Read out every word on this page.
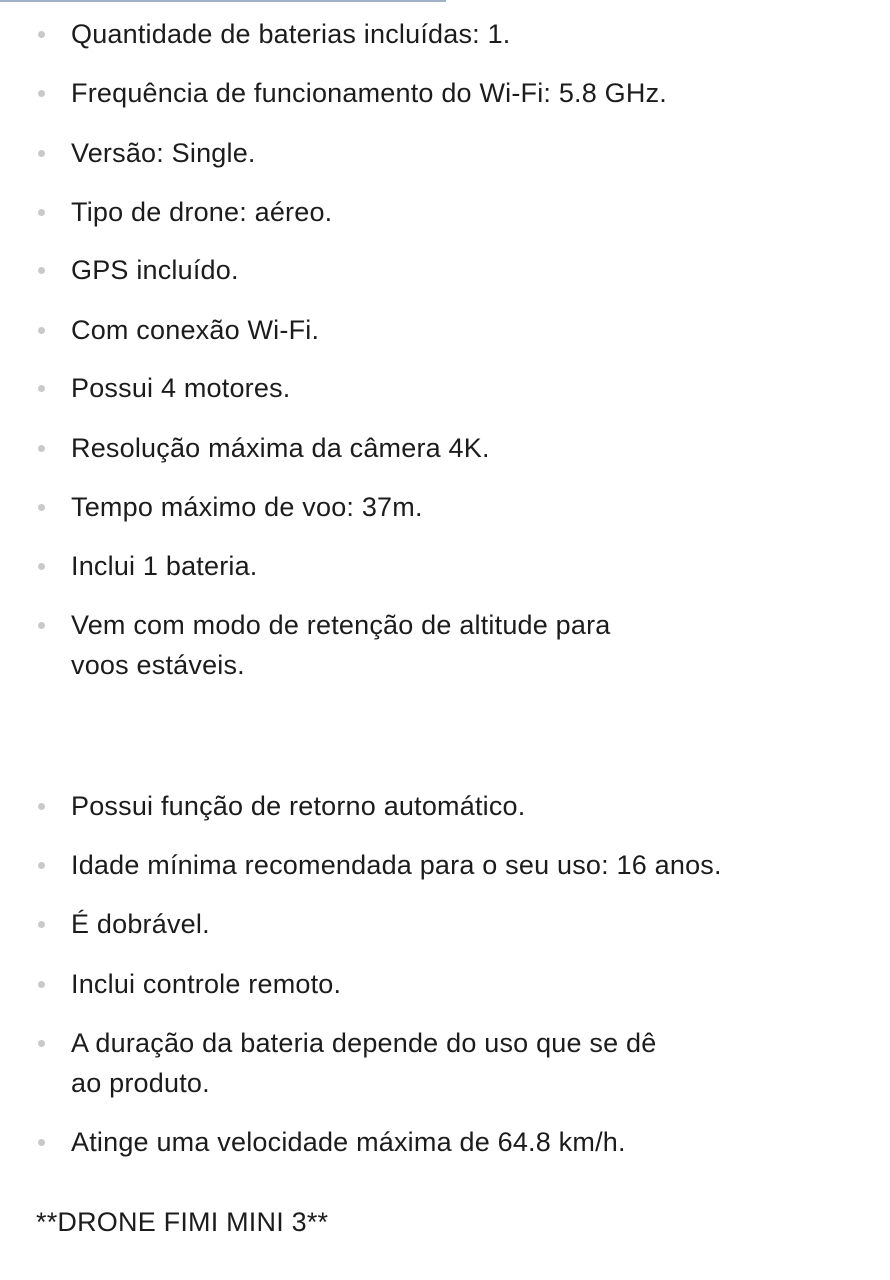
Quantidade de baterias incluídas: 1.
Frequência de funcionamento do Wi-Fi: 5.8 GHz.
Versão: Single.
Tipo de drone: aéreo.
GPS incluído.
Com conexão Wi-Fi.
Possui 4 motores.
Resolução máxima da câmera 4K.
Tempo máximo de voo: 37m.
Inclui 1 bateria.
Vem com modo de retenção de altitude para
voos estáveis.
Possui função de retorno automático.
Idade mínima recomendada para o seu uso: 16 anos.
É dobrável.
Inclui controle remoto.
A duração da bateria depende do uso que se dê
ao produto.
Atinge uma velocidade máxima de 64.8 km/h.
**DRONE FIMI MINI 3**
